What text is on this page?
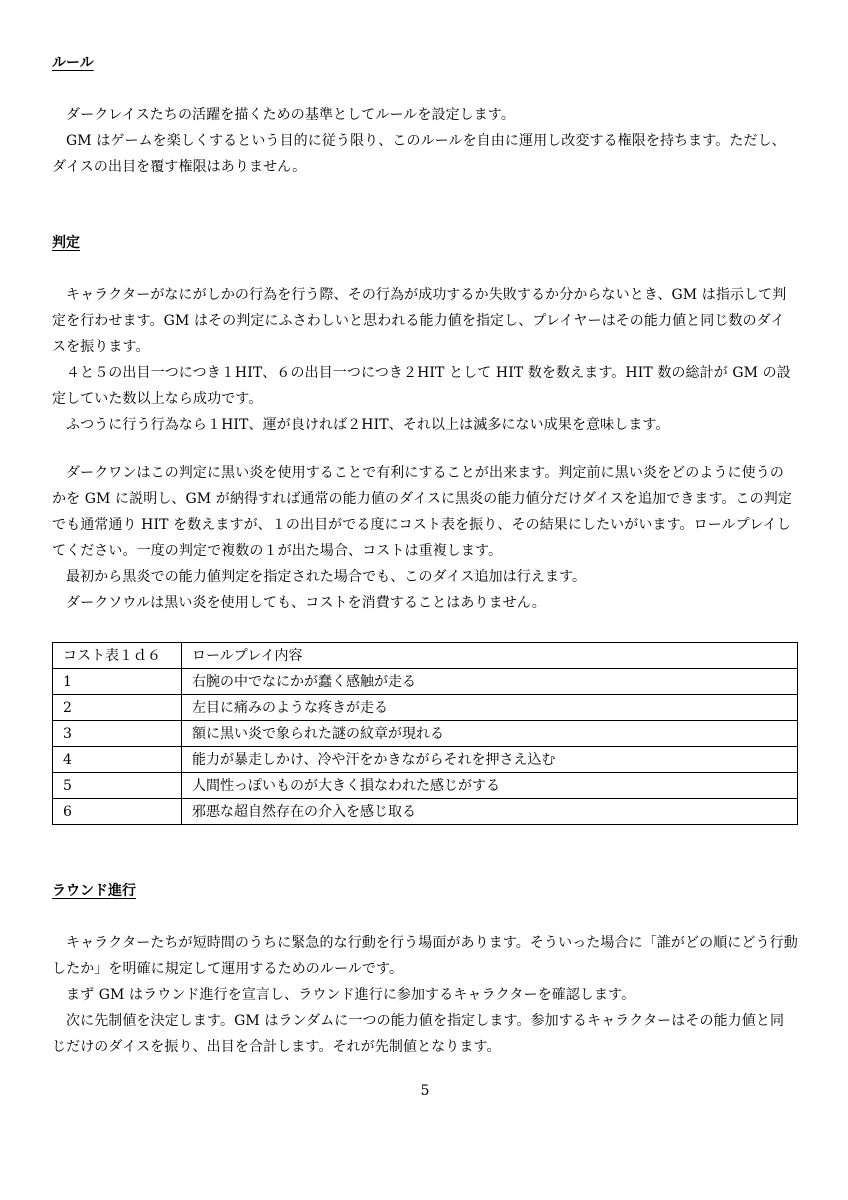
ルール

ダークレイスたちの活躍を描くための基準としてルールを設定します。

GM はゲームを楽しくするという目的に従う限り、このルールを自由に運用し改変する権限を持ちます。ただし、ダイスの出目を覆す権限はありません。

判定

キャラクターがなにがしかの行為を行う際、その行為が成功するか失敗するか分からないとき、GM は指示して判定を行わせます。GM はその判定にふさわしいと思われる能力値を指定し、プレイヤーはその能力値と同じ数のダイスを振ります。

４と５の出目一つにつき１HIT、６の出目一つにつき２HIT として HIT 数を数えます。HIT 数の総計が GM の設定していた数以上なら成功です。

ふつうに行う行為なら１HIT、運が良ければ２HIT、それ以上は滅多にない成果を意味します。

ダークワンはこの判定に黒い炎を使用することで有利にすることが出来ます。判定前に黒い炎をどのように使うのかを GM に説明し、GM が納得すれば通常の能力値のダイスに黒炎の能力値分だけダイスを追加できます。この判定でも通常通り HIT を数えますが、１の出目がでる度にコスト表を振り、その結果にしたいがいます。ロールプレイしてください。一度の判定で複数の１が出た場合、コストは重複します。

最初から黒炎での能力値判定を指定された場合でも、このダイス追加は行えます。

ダークソウルは黒い炎を使用しても、コストを消費することはありません。

コスト表１ｄ６	ロールプレイ内容
1	右腕の中でなにかが蠢く感触が走る
2	左目に痛みのような疼きが走る
3	額に黒い炎で象られた謎の紋章が現れる
4	能力が暴走しかけ、冷や汗をかきながらそれを押さえ込む
5	人間性っぽいものが大きく損なわれた感じがする
6	邪悪な超自然存在の介入を感じ取る
ラウンド進行

キャラクターたちが短時間のうちに緊急的な行動を行う場面があります。そういった場合に「誰がどの順にどう行動したか」を明確に規定して運用するためのルールです。

まず GM はラウンド進行を宣言し、ラウンド進行に参加するキャラクターを確認します。

次に先制値を決定します。GM はランダムに一つの能力値を指定します。参加するキャラクターはその能力値と同じだけのダイスを振り、出目を合計します。それが先制値となります。

5
